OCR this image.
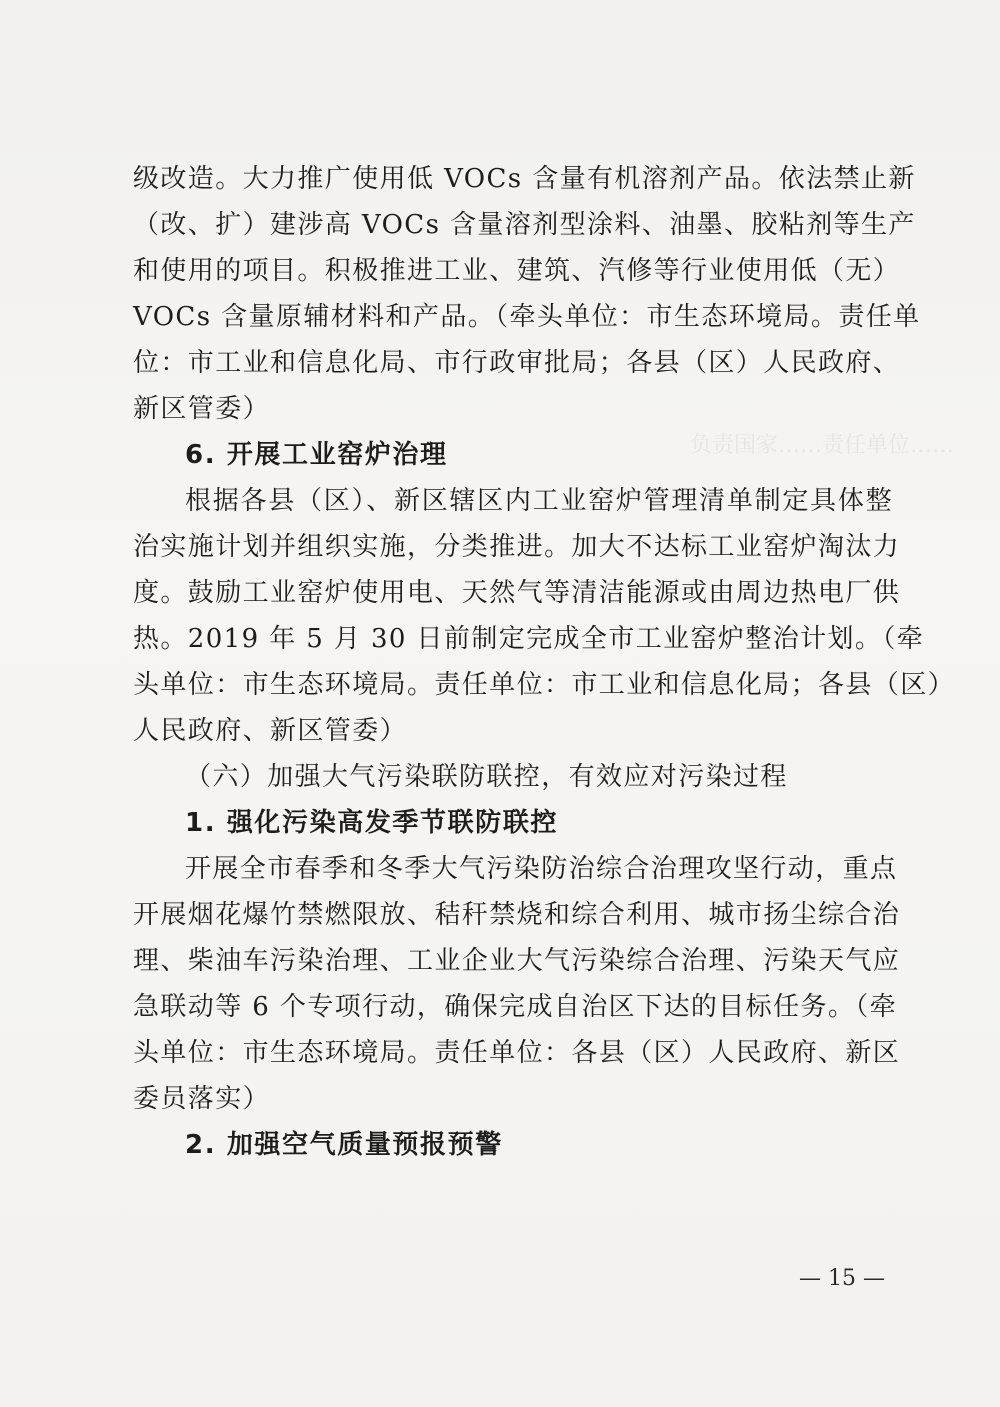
负责国家……责任单位……
级改造。大力推广使用低 VOCs 含量有机溶剂产品。依法禁止新
（改、扩）建涉高 VOCs 含量溶剂型涂料、油墨、胶粘剂等生产
和使用的项目。积极推进工业、建筑、汽修等行业使用低（无）
VOCs 含量原辅材料和产品。（牵头单位：市生态环境局。责任单
位：市工业和信息化局、市行政审批局；各县（区）人民政府、
新区管委）
6. 开展工业窑炉治理
根据各县（区）、新区辖区内工业窑炉管理清单制定具体整
治实施计划并组织实施，分类推进。加大不达标工业窑炉淘汰力
度。鼓励工业窑炉使用电、天然气等清洁能源或由周边热电厂供
热。2019 年 5 月 30 日前制定完成全市工业窑炉整治计划。（牵
头单位：市生态环境局。责任单位：市工业和信息化局；各县（区）
人民政府、新区管委）
（六）加强大气污染联防联控，有效应对污染过程
1. 强化污染高发季节联防联控
开展全市春季和冬季大气污染防治综合治理攻坚行动，重点
开展烟花爆竹禁燃限放、秸秆禁烧和综合利用、城市扬尘综合治
理、柴油车污染治理、工业企业大气污染综合治理、污染天气应
急联动等 6 个专项行动，确保完成自治区下达的目标任务。（牵
头单位：市生态环境局。责任单位：各县（区）人民政府、新区
委员落实）
2. 加强空气质量预报预警
— 15 —
